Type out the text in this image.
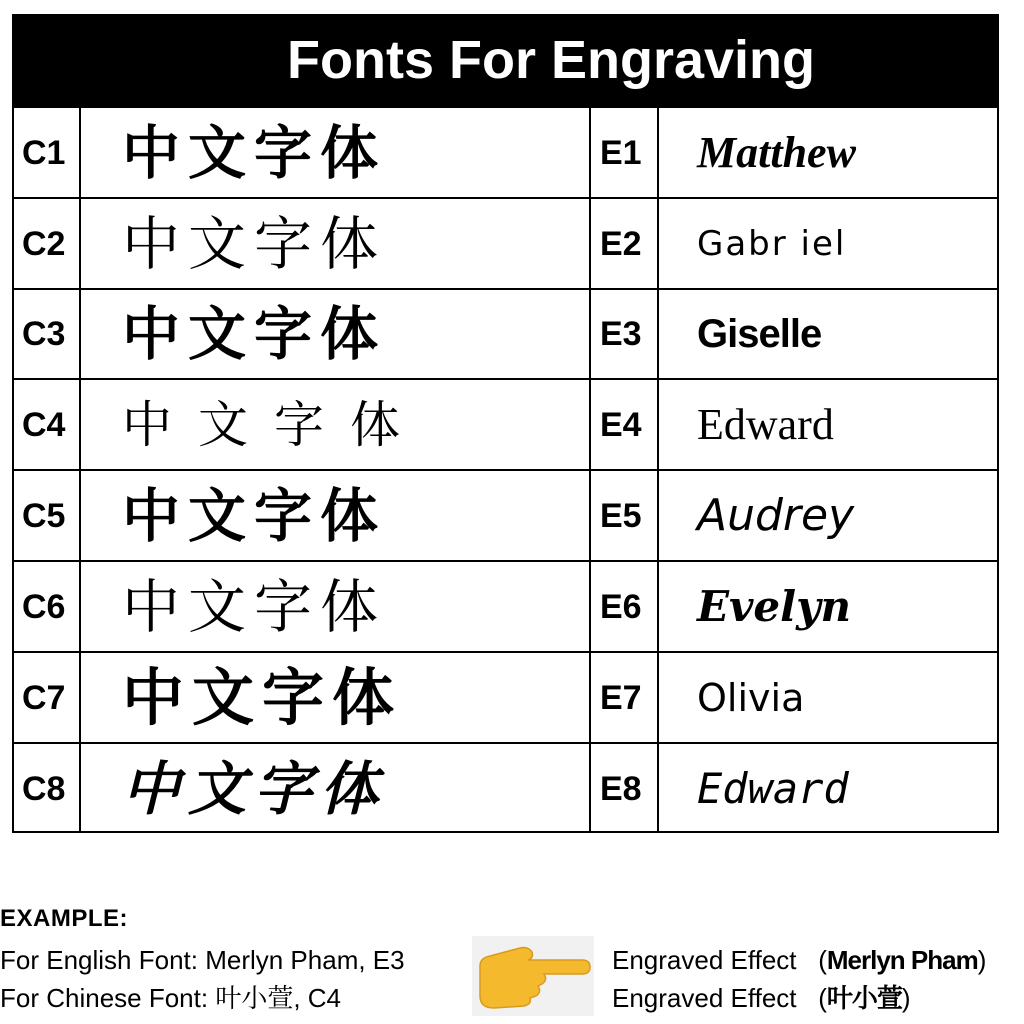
Fonts For Engraving
C1 中文字体	E1 Matthew
C2 中文字体	E2 Gabr iel
C3 中文字体	E3 Giselle
C4 中文字体	E4 Edward
C5 中文字体	E5 Audrey
C6 中文字体	E6 Evelyn
C7 中文字体	E7 Olivia
C8 中文字体	E8 Edward
EXAMPLE:
For English Font: Merlyn Pham, E3
For Chinese Font: 叶小萱, C4
Engraved Effect   (Merlyn Pham)
Engraved Effect   (叶小萱)
